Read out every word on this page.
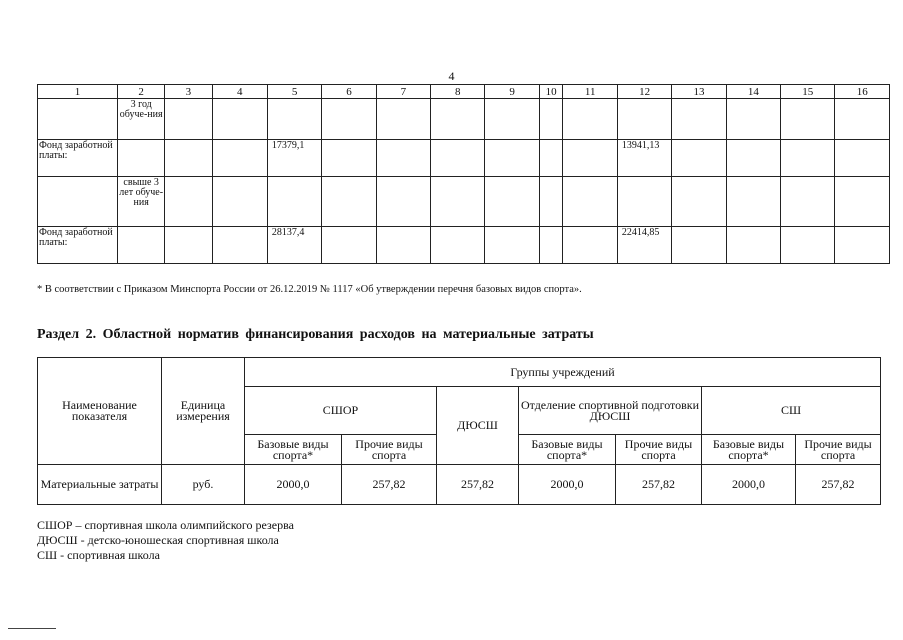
4
1	2	3	4	5	6	7	8	9	10	11	12	13	14	15	16
	3 год обуче-ния														
Фонд заработной платы:				17379,1							13941,13				
	свыше 3 лет обуче-ния														
Фонд заработной платы:				28137,4							22414,85				
* В соответствии с Приказом Минспорта России от 26.12.2019 № 1117 «Об утверждении перечня базовых видов спорта».
Раздел 2. Областной норматив финансирования расходов на материальные затраты
Наименование показателя	Единица измерения	Группы учреждений						
		СШОР		ДЮСШ	Отделение спортивной подготовки ДЮСШ		СШ	
		Базовые виды спорта*	Прочие виды спорта		Базовые виды спорта*	Прочие виды спорта	Базовые виды спорта*	Прочие виды спорта
Материальные затраты	руб.	2000,0	257,82	257,82	2000,0	257,82	2000,0	257,82
СШОР – спортивная школа олимпийского резерва
ДЮСШ - детско-юношеская спортивная школа
СШ - спортивная школа
